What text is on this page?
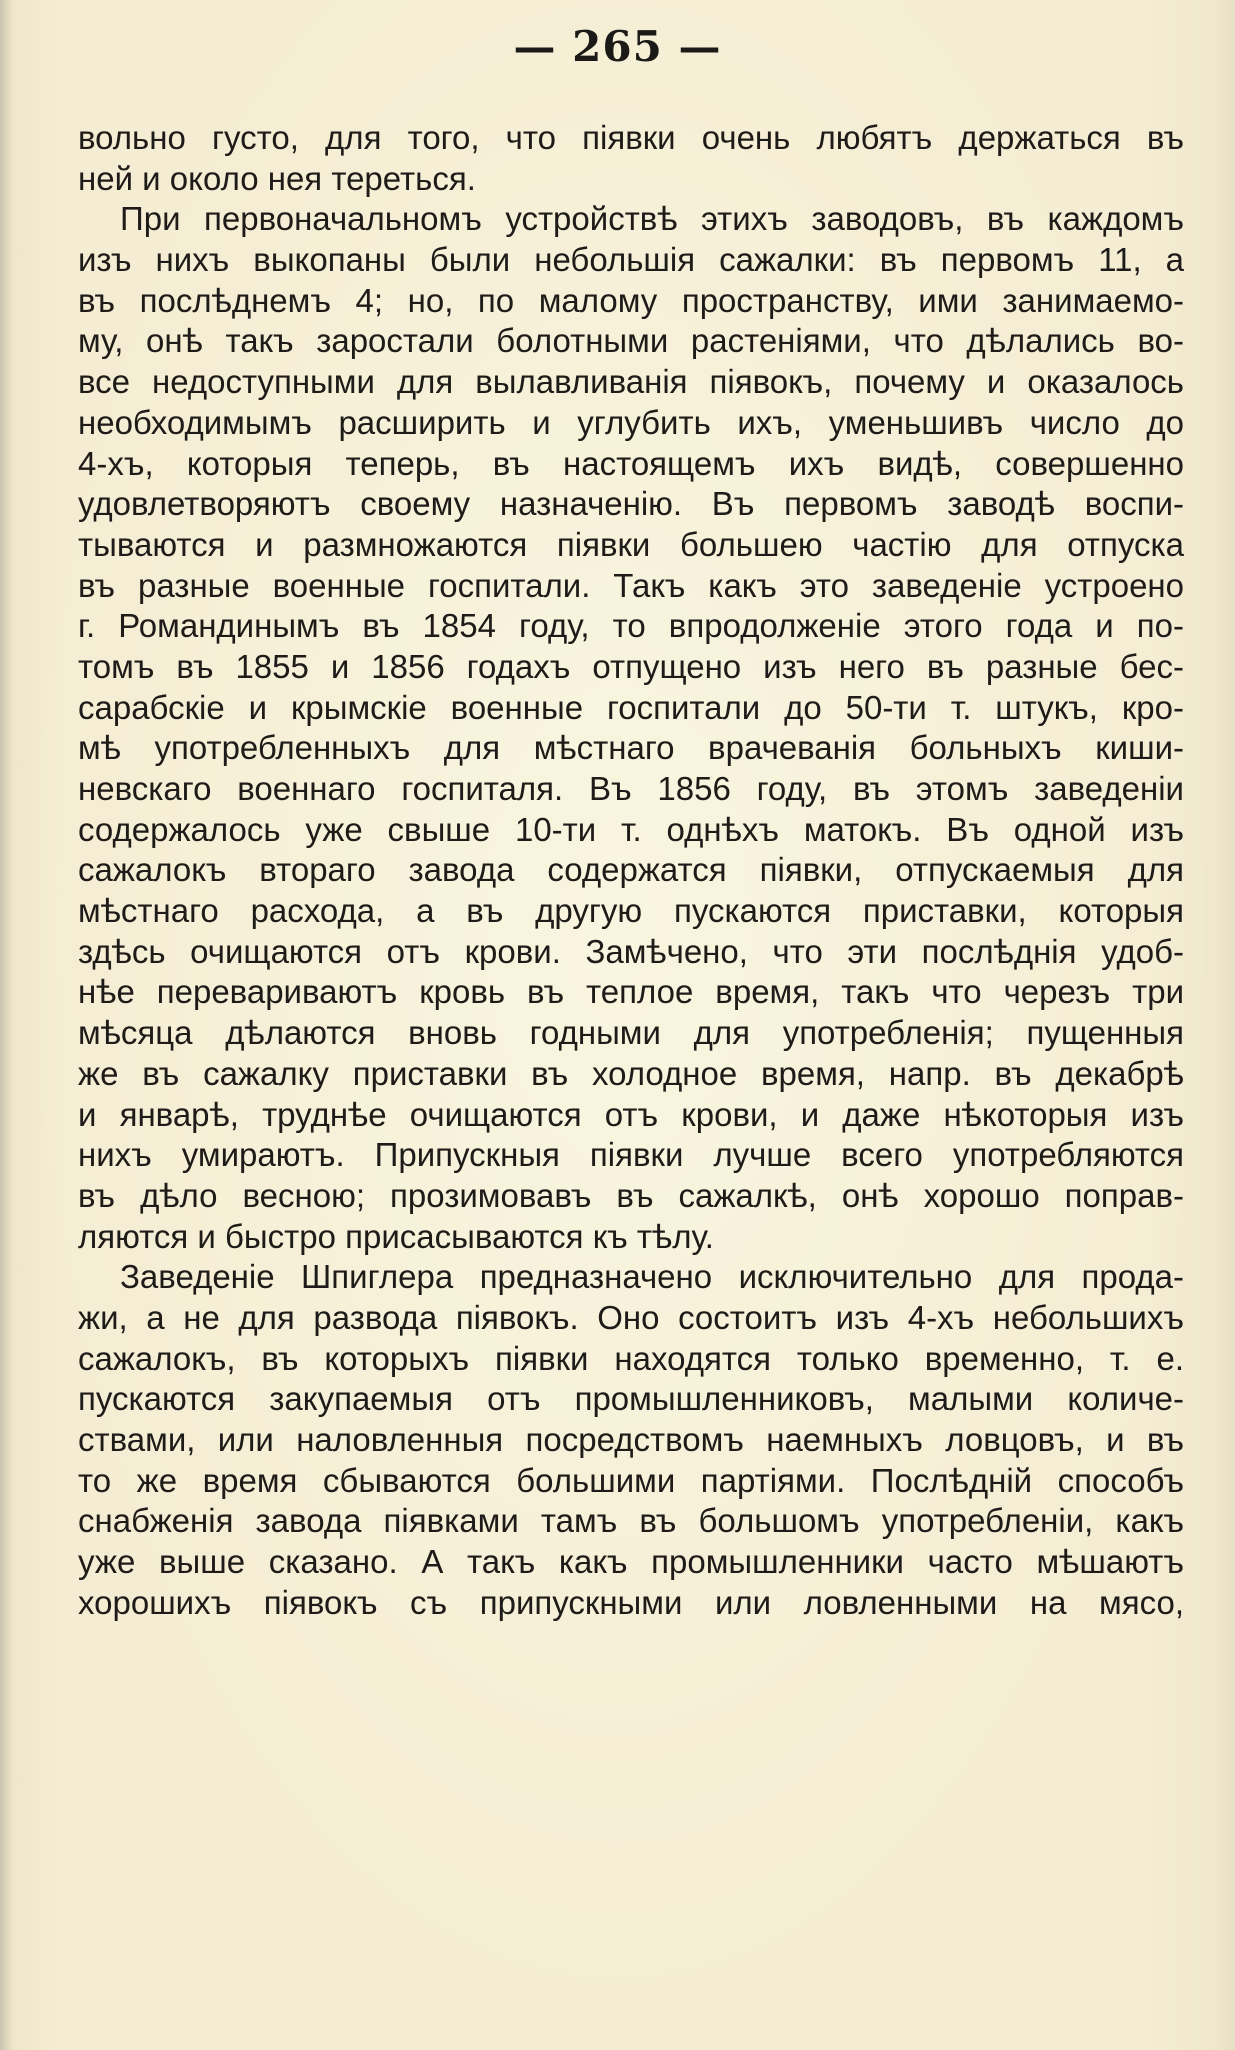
— 265 —
вольно густо, для того, что піявки очень любятъ держаться въ
ней и около нея тереться.
При первоначальномъ устройствѣ этихъ заводовъ, въ каждомъ
изъ нихъ выкопаны были небольшія сажалки: въ первомъ 11, а
въ послѣднемъ 4; но, по малому пространству, ими занимаемо-
му, онѣ такъ заростали болотными растеніями, что дѣлались во-
все недоступными для вылавливанія піявокъ, почему и оказалось
необходимымъ расширить и углубить ихъ, уменьшивъ число до
4-хъ, которыя теперь, въ настоящемъ ихъ видѣ, совершенно
удовлетворяютъ своему назначенію. Въ первомъ заводѣ воспи-
тываются и размножаются піявки большею частію для отпуска
въ разные военные госпитали. Такъ какъ это заведеніе устроено
г. Романдинымъ въ 1854 году, то впродолженіе этого года и по-
томъ въ 1855 и 1856 годахъ отпущено изъ него въ разные бес-
сарабскіе и крымскіе военные госпитали до 50-ти т. штукъ, кро-
мѣ употребленныхъ для мѣстнаго врачеванія больныхъ киши-
невскаго военнаго госпиталя. Въ 1856 году, въ этомъ заведеніи
содержалось уже свыше 10-ти т. однѣхъ матокъ. Въ одной изъ
сажалокъ втораго завода содержатся піявки, отпускаемыя для
мѣстнаго расхода, а въ другую пускаются приставки, которыя
здѣсь очищаются отъ крови. Замѣчено, что эти послѣднія удоб-
нѣе перевариваютъ кровь въ теплое время, такъ что черезъ три
мѣсяца дѣлаются вновь годными для употребленія; пущенныя
же въ сажалку приставки въ холодное время, напр. въ декабрѣ
и январѣ, труднѣе очищаются отъ крови, и даже нѣкоторыя изъ
нихъ умираютъ. Припускныя піявки лучше всего употребляются
въ дѣло весною; прозимовавъ въ сажалкѣ, онѣ хорошо поправ-
ляются и быстро присасываются къ тѣлу.
Заведеніе Шпиглера предназначено исключительно для прода-
жи, а не для развода піявокъ. Оно состоитъ изъ 4-хъ небольшихъ
сажалокъ, въ которыхъ піявки находятся только временно, т. е.
пускаются закупаемыя отъ промышленниковъ, малыми количе-
ствами, или наловленныя посредствомъ наемныхъ ловцовъ, и въ
то же время сбываются большими партіями. Послѣдній способъ
снабженія завода піявками тамъ въ большомъ употребленіи, какъ
уже выше сказано. А такъ какъ промышленники часто мѣшаютъ
хорошихъ піявокъ съ припускными или ловленными на мясо,
